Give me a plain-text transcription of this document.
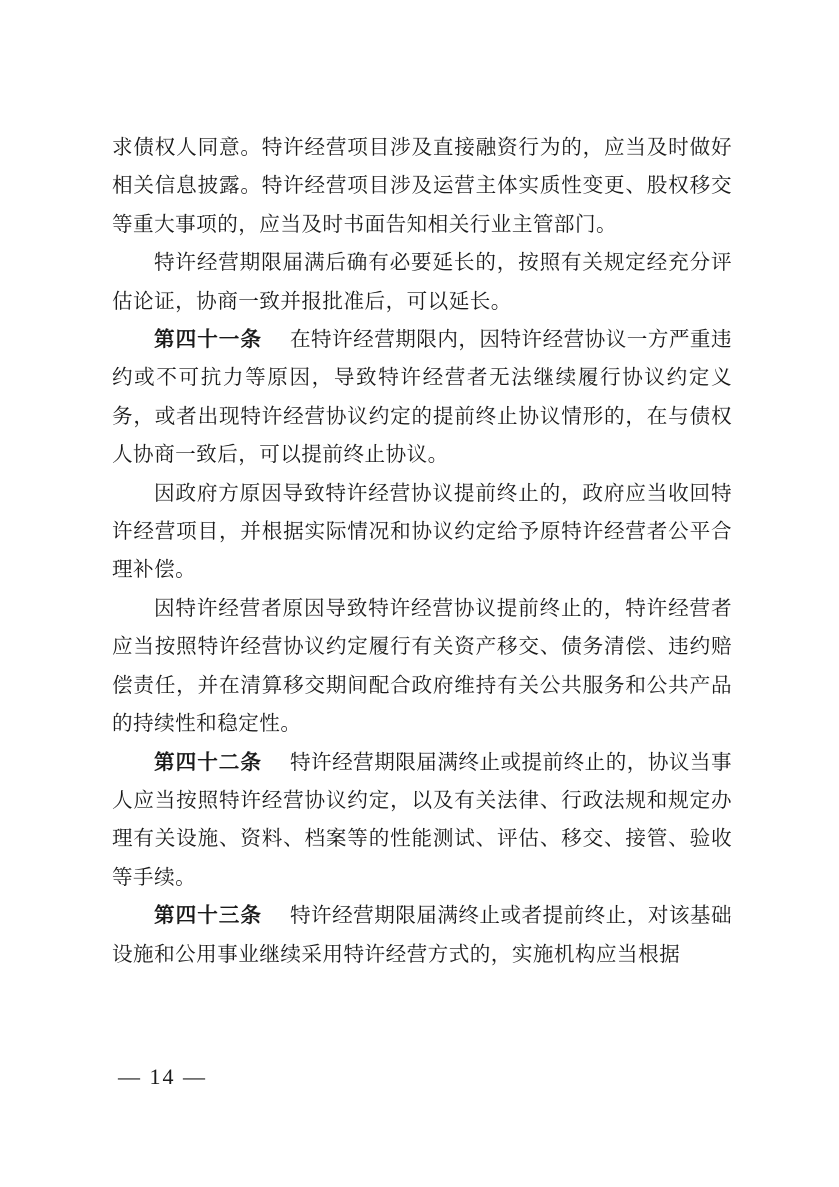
求债权人同意。特许经营项目涉及直接融资行为的，应当及时做好相关信息披露。特许经营项目涉及运营主体实质性变更、股权移交等重大事项的，应当及时书面告知相关行业主管部门。

特许经营期限届满后确有必要延长的，按照有关规定经充分评估论证，协商一致并报批准后，可以延长。

第四十一条 在特许经营期限内，因特许经营协议一方严重违约或不可抗力等原因，导致特许经营者无法继续履行协议约定义务，或者出现特许经营协议约定的提前终止协议情形的，在与债权人协商一致后，可以提前终止协议。

因政府方原因导致特许经营协议提前终止的，政府应当收回特许经营项目，并根据实际情况和协议约定给予原特许经营者公平合理补偿。

因特许经营者原因导致特许经营协议提前终止的，特许经营者应当按照特许经营协议约定履行有关资产移交、债务清偿、违约赔偿责任，并在清算移交期间配合政府维持有关公共服务和公共产品的持续性和稳定性。

第四十二条 特许经营期限届满终止或提前终止的，协议当事人应当按照特许经营协议约定，以及有关法律、行政法规和规定办理有关设施、资料、档案等的性能测试、评估、移交、接管、验收等手续。

第四十三条 特许经营期限届满终止或者提前终止，对该基础设施和公用事业继续采用特许经营方式的，实施机构应当根据

— 14 —
